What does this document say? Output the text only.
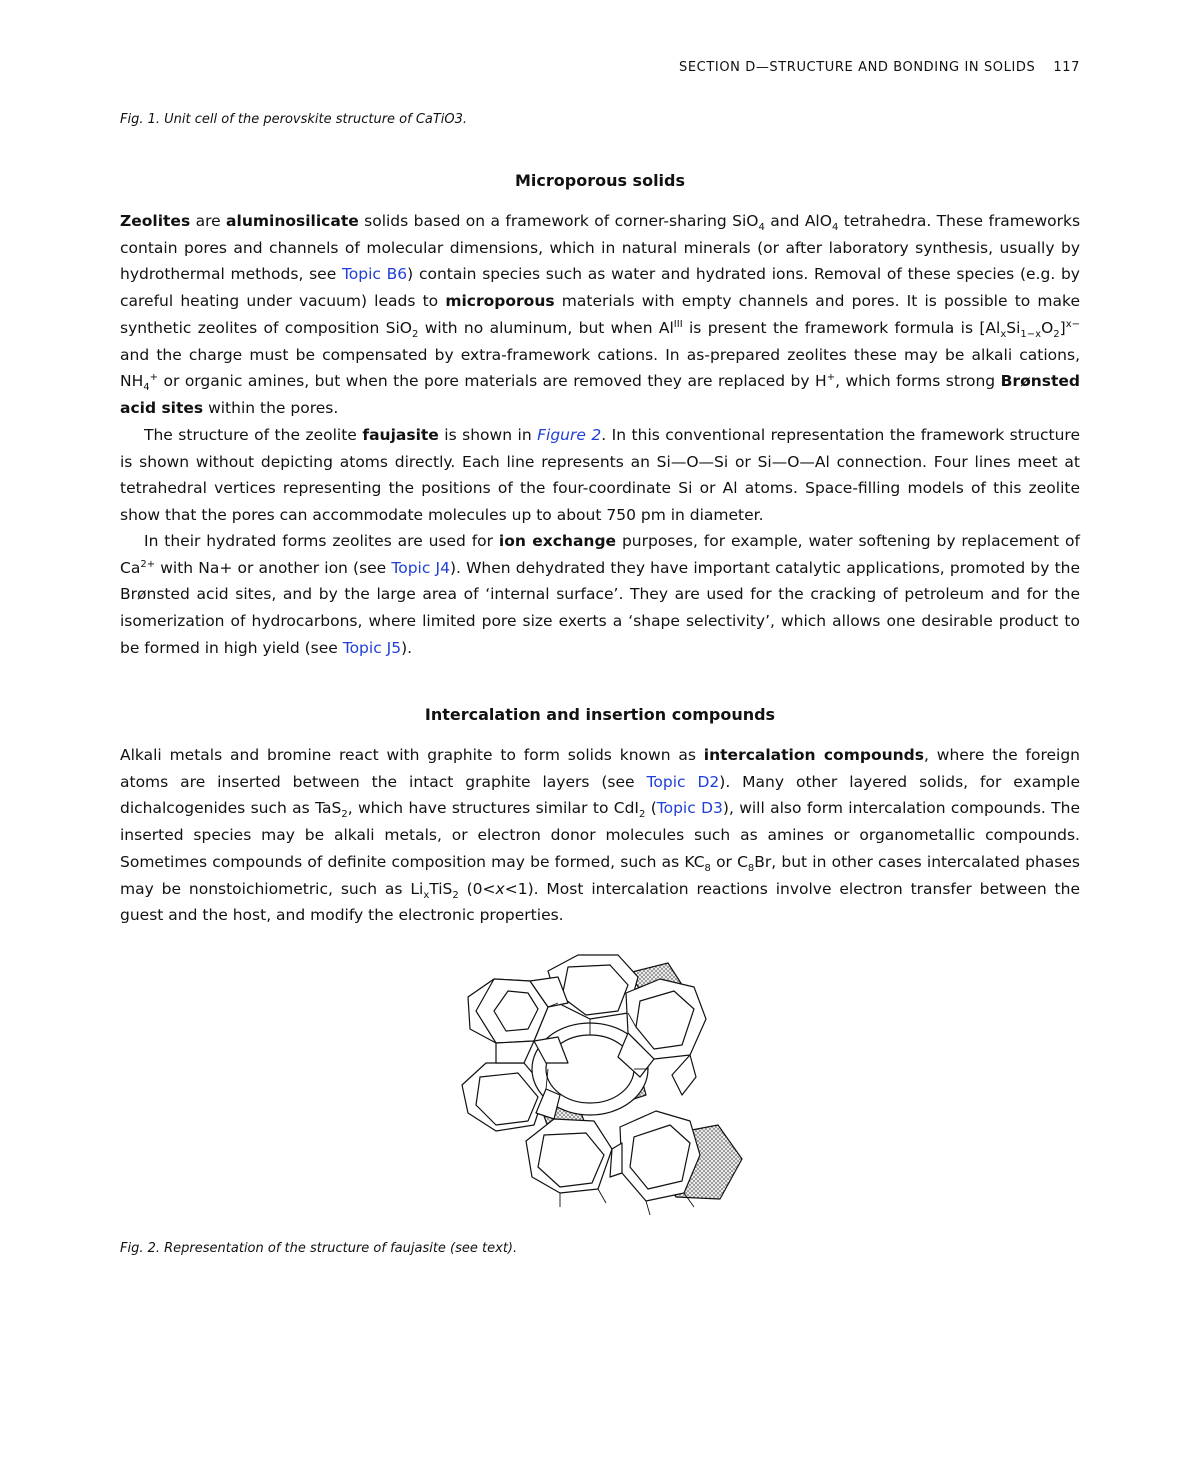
SECTION D—STRUCTURE AND BONDING IN SOLIDS 117
Fig. 1. Unit cell of the perovskite structure of CaTiO3.
Microporous solids

Zeolites are aluminosilicate solids based on a framework of corner-sharing SiO$_4$ and AlO$_4$ tetrahedra. These frameworks contain pores and channels of molecular dimensions, which in natural minerals (or after laboratory synthesis, usually by hydrothermal methods, see Topic B6) contain species such as water and hydrated ions. Removal of these species (e.g. by careful heating under vacuum) leads to microporous materials with empty channels and pores. It is possible to make synthetic zeolites of composition SiO$_2$ with no aluminum, but when $Al^{III}$ is present the framework formula is $[Al_xSi_{1-x}O_2]^{x-}$ and the charge must be compensated by extra-framework cations. In as-prepared zeolites these may be alkali cations, $NH_4^+$ or organic amines, but when the pore materials are removed they are replaced by H+, which forms strong Brønsted acid sites within the pores.

The structure of the zeolite faujasite is shown in Figure 2. In this conventional representation the framework structure is shown without depicting atoms directly. Each line represents an Si—O—Si or Si—O—Al connection. Four lines meet at tetrahedral vertices representing the positions of the four-coordinate Si or Al atoms. Space-filling models of this zeolite show that the pores can accommodate molecules up to about 750 pm in diameter.

In their hydrated forms zeolites are used for ion exchange purposes, for example, water softening by replacement of $Ca^{2+}$ with Na+ or another ion (see Topic J4). When dehydrated they have important catalytic applications, promoted by the Brønsted acid sites, and by the large area of ‘internal surface’. They are used for the cracking of petroleum and for the isomerization of hydrocarbons, where limited pore size exerts a ‘shape selectivity’, which allows one desirable product to be formed in high yield (see Topic J5).

Intercalation and insertion compounds

Alkali metals and bromine react with graphite to form solids known as intercalation compounds, where the foreign atoms are inserted between the intact graphite layers (see Topic D2). Many other layered solids, for example dichalcogenides such as TaS$_2$, which have structures similar to CdI$_2$ (Topic D3), will also form intercalation compounds. The inserted species may be alkali metals, or electron donor molecules such as amines or organometallic compounds. Sometimes compounds of definite composition may be formed, such as $KC_8$ or $C_8Br$, but in other cases intercalated phases may be nonstoichiometric, such as $Li_xTiS_2$ (0<x<1). Most intercalation reactions involve electron transfer between the guest and the host, and modify the electronic properties.

Fig. 2. Representation of the structure of faujasite (see text).
